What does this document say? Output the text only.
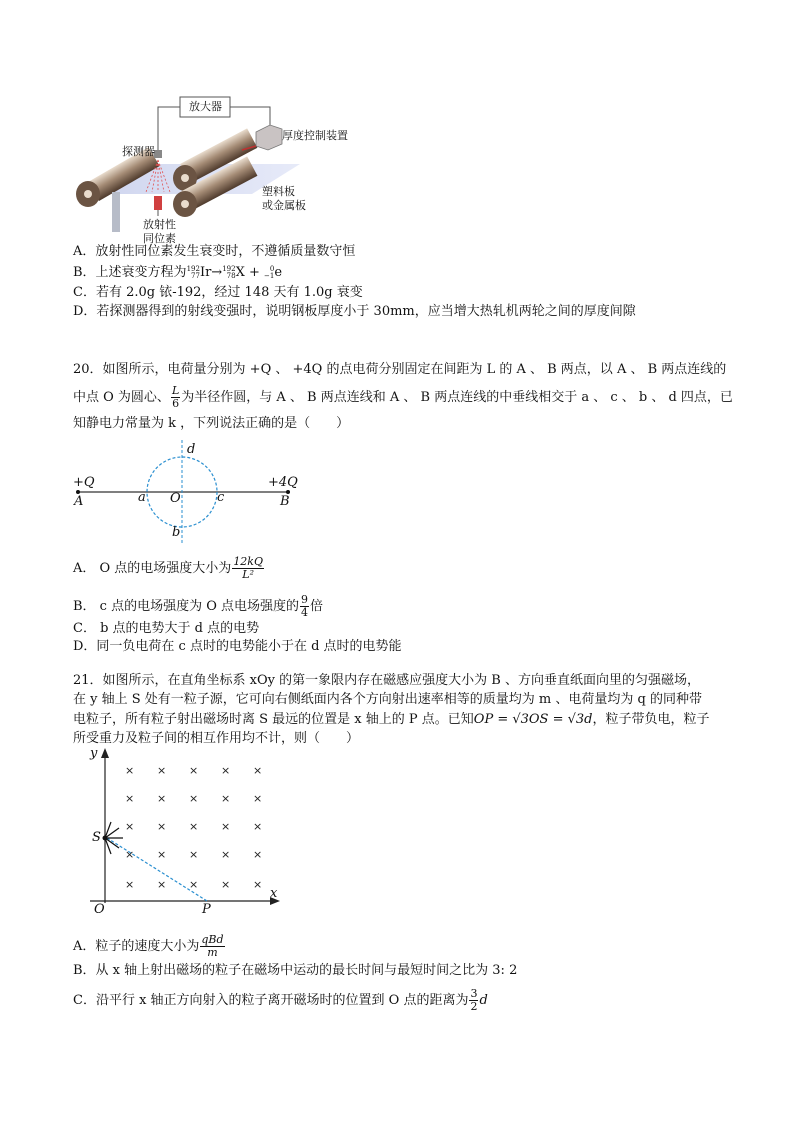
放大器
探测器
厚度控制装置
塑料板
或金属板
放射性
同位素
A．放射性同位素发生衰变时，不遵循质量数守恒
B．上述衰变方程为192
77Ir→192
78X + 0
−1e
C．若有 2.0g 铱-192，经过 148 天有 1.0g 衰变
D．若探测器得到的射线变强时，说明钢板厚度小于 30mm，应当增大热轧机两轮之间的厚度间隙
20．如图所示，电荷量分别为 +Q 、 +4Q 的点电荷分别固定在间距为 L 的 A 、 B 两点，以 A 、 B 两点连线的
中点 O 为圆心、 $\frac{L}{6}$ 为半径作圆，与 A 、 B 两点连线和 A 、 B 两点连线的中垂线相交于 a 、 c 、 b 、 d 四点，已
知静电力常量为 k ，下列说法正确的是（　　）
+Q	+4Q
A	B
O
a	c
d
b
A． O 点的电场强度大小为 $\frac{12kQ}{\text{L²}}$
B． c 点的电场强度为 O 点电场强度的 $\frac{9}{4}$ 倍
C． b 点的电势大于 d 点的电势
D．同一负电荷在 c 点时的电势能小于在 d 点时的电势能
21．如图所示，在直角坐标系 xOy 的第一象限内存在磁感应强度大小为 B 、方向垂直纸面向里的匀强磁场，
在 y 轴上 S 处有一粒子源，它可向右侧纸面内各个方向射出速率相等的质量均为 m 、电荷量均为 q 的同种带
电粒子，所有粒子射出磁场时离 S 最远的位置是 x 轴上的 P 点。已知OP = √3OS = √3d，粒子带负电，粒子
所受重力及粒子间的相互作用均不计，则（　　）
× × × × ×
× × × × ×
× × × × ×
× × × × ×
× × × × ×
y
x
O
S
P
A．粒子的速度大小为 $\frac{\text{qBd}}{m}$
B．从 x 轴上射出磁场的粒子在磁场中运动的最长时间与最短时间之比为 3: 2
C．沿平行 x 轴正方向射入的粒子离开磁场时的位置到 O 点的距离为 $\frac{3}{2}$ d
